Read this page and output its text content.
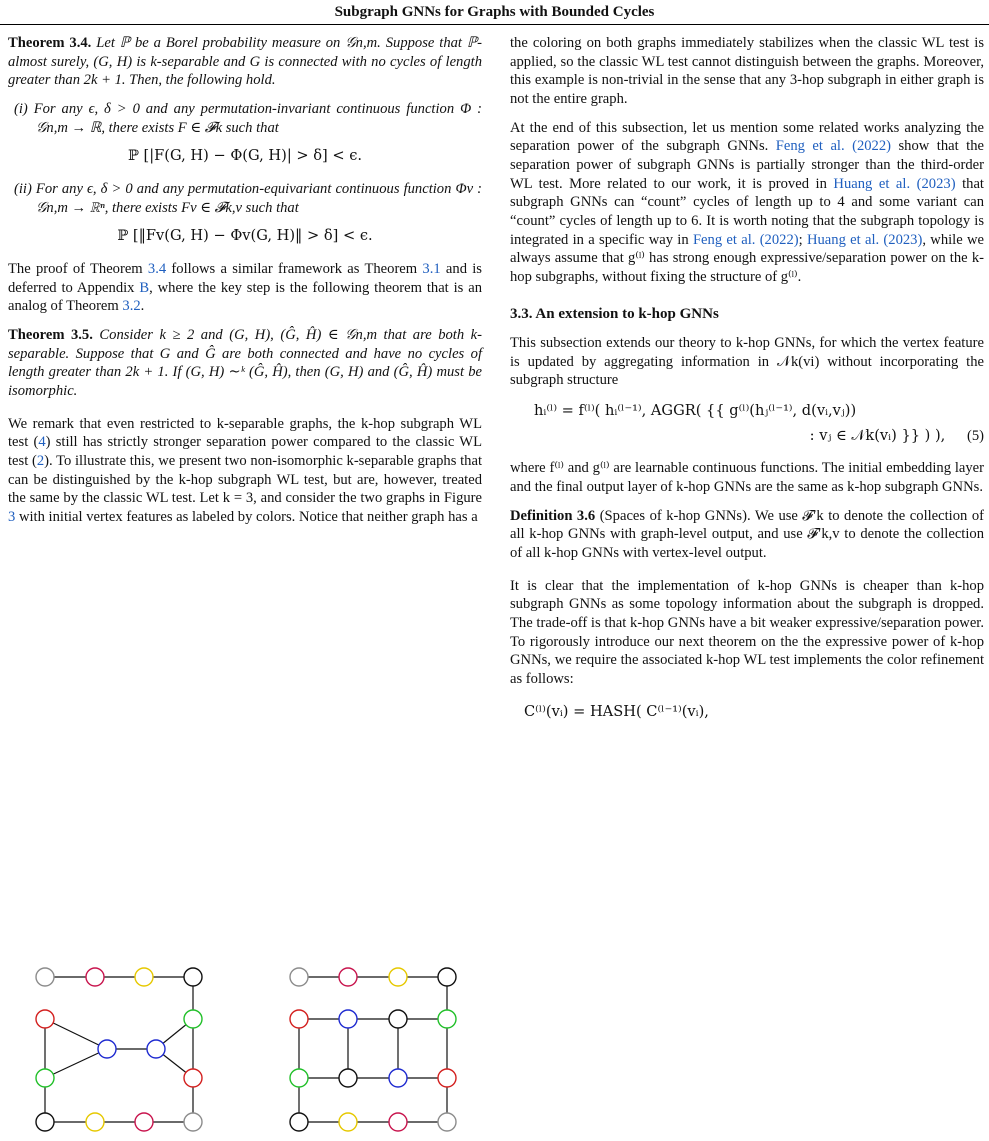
Subgraph GNNs for Graphs with Bounded Cycles

Theorem 3.4. Let ℙ be a Borel probability measure on 𝒢n,m. Suppose that ℙ-almost surely, (G, H) is k-separable and G is connected with no cycles of length greater than 2k + 1. Then, the following hold.

(i) For any ϵ, δ > 0 and any permutation-invariant continuous function Φ : 𝒢n,m → ℝ, there exists F ∈ 𝓕k such that
ℙ [|F(G, H) − Φ(G, H)| > δ] < ϵ.
(ii) For any ϵ, δ > 0 and any permutation-equivariant continuous function Φv : 𝒢n,m → ℝⁿ, there exists Fv ∈ 𝓕k,v such that
ℙ [‖Fv(G, H) − Φv(G, H)‖ > δ] < ϵ.

The proof of Theorem 3.4 follows a similar framework as Theorem 3.1 and is deferred to Appendix B, where the key step is the following theorem that is an analog of Theorem 3.2.

Theorem 3.5. Consider k ≥ 2 and (G, H), (Ĝ, Ĥ) ∈ 𝒢n,m that are both k-separable. Suppose that G and Ĝ are both connected and have no cycles of length greater than 2k + 1. If (G, H) ∼ᵏ (Ĝ, Ĥ), then (G, H) and (Ĝ, Ĥ) must be isomorphic.

We remark that even restricted to k-separable graphs, the k-hop subgraph WL test (4) still has strictly stronger separation power compared to the classic WL test (2). To illustrate this, we present two non-isomorphic k-separable graphs that can be distinguished by the k-hop subgraph WL test, but are, however, treated the same by the classic WL test. Let k = 3, and consider the two graphs in Figure 3 with initial vertex features as labeled by colors. Notice that neither graph has a

the coloring on both graphs immediately stabilizes when the classic WL test is applied, so the classic WL test cannot distinguish between the graphs. Moreover, this example is non-trivial in the sense that any 3-hop subgraph in either graph is not the entire graph.

At the end of this subsection, let us mention some related works analyzing the separation power of the subgraph GNNs. Feng et al. (2022) show that the separation power of subgraph GNNs is partially stronger than the third-order WL test. More related to our work, it is proved in Huang et al. (2023) that subgraph GNNs can “count” cycles of length up to 4 and some variant can “count” cycles of length up to 6. It is worth noting that the subgraph topology is integrated in a specific way in Feng et al. (2022); Huang et al. (2023), while we always assume that g⁽ˡ⁾ has strong enough expressive/separation power on the k-hop subgraphs, without fixing the structure of g⁽ˡ⁾.

3.3. An extension to k-hop GNNs

This subsection extends our theory to k-hop GNNs, for which the vertex feature is updated by aggregating information in 𝒩k(vi) without incorporating the subgraph structure

hᵢ⁽ˡ⁾ = f⁽ˡ⁾( hᵢ⁽ˡ⁻¹⁾, AGGR( {{ g⁽ˡ⁾(hⱼ⁽ˡ⁻¹⁾, d(vᵢ,vⱼ))
: vⱼ ∈ 𝒩k(vᵢ) }} ) ), (5)

where f⁽ˡ⁾ and g⁽ˡ⁾ are learnable continuous functions. The initial embedding layer and the final output layer of k-hop GNNs are the same as k-hop subgraph GNNs.

Definition 3.6 (Spaces of k-hop GNNs). We use 𝓕′k to denote the collection of all k-hop GNNs with graph-level output, and use 𝓕′k,v to denote the collection of all k-hop GNNs with vertex-level output.

It is clear that the implementation of k-hop GNNs is cheaper than k-hop subgraph GNNs as some topology information about the subgraph is dropped. The trade-off is that k-hop GNNs have a bit weaker expressive/separation power. To rigorously introduce our next theorem on the the expressive power of k-hop GNNs, we require the associated k-hop WL test implements the color refinement as follows:

C⁽ˡ⁾(vᵢ) = HASH( C⁽ˡ⁻¹⁾(vᵢ),
